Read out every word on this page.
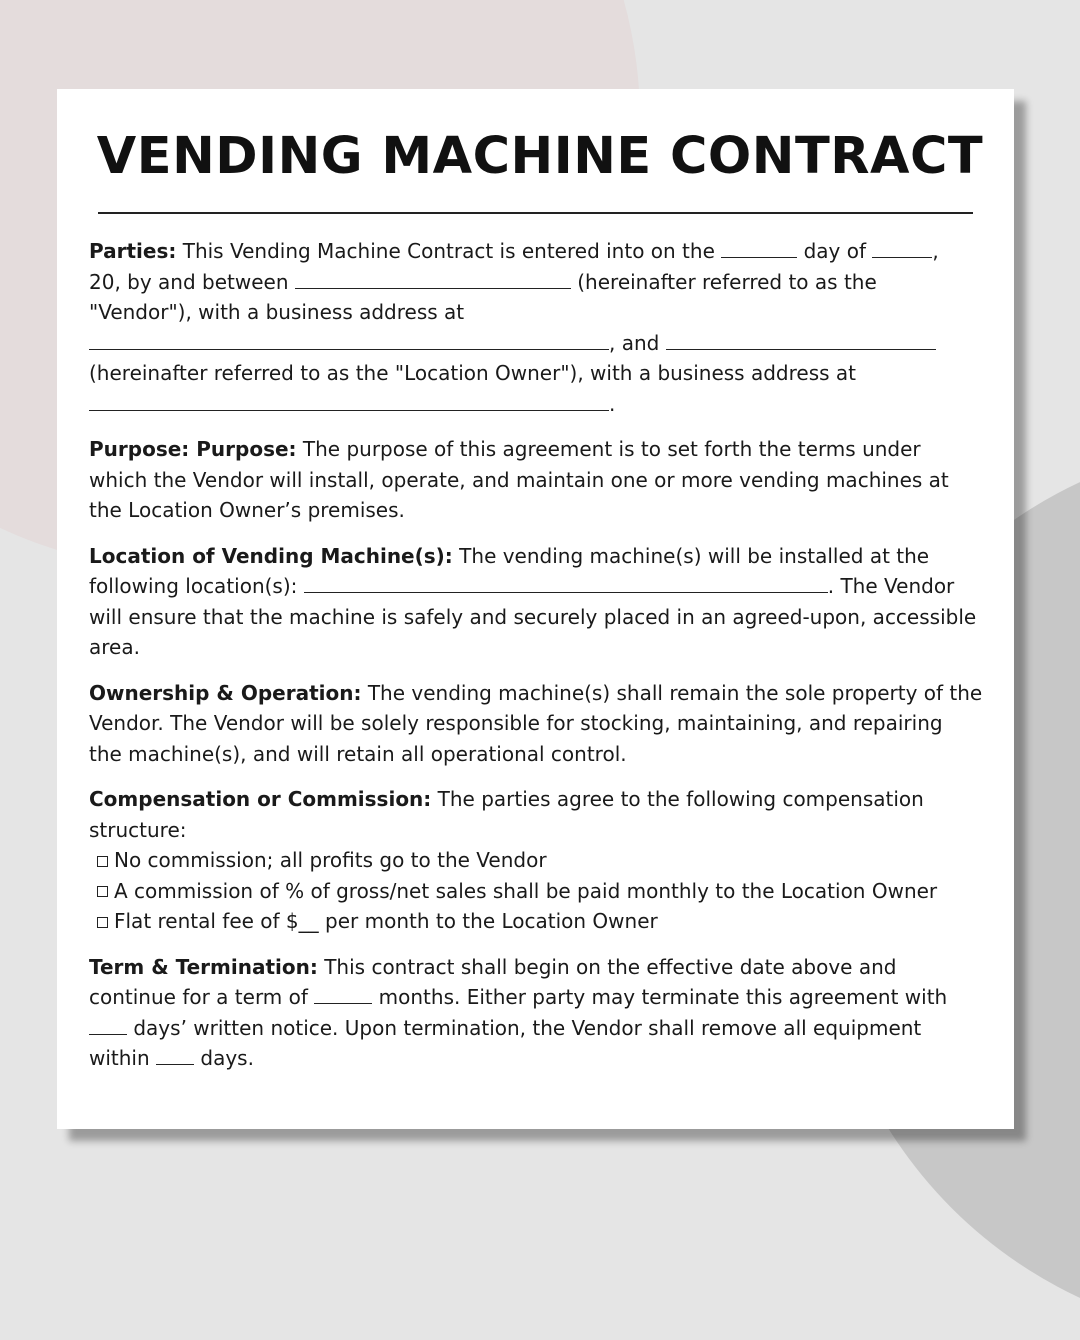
VENDING MACHINE CONTRACT
Parties: This Vending Machine Contract is entered into on the	day of	,
20, by and between	(hereinafter referred to as the
"Vendor"), with a business address at
, and
(hereinafter referred to as the "Location Owner"), with a business address at
.
Purpose: Purpose: The purpose of this agreement is to set forth the terms under
which the Vendor will install, operate, and maintain one or more vending machines at
the Location Owner’s premises.
Location of Vending Machine(s): The vending machine(s) will be installed at the
following location(s):	. The Vendor
will ensure that the machine is safely and securely placed in an agreed-upon, accessible
area.
Ownership & Operation: The vending machine(s) shall remain the sole property of the
Vendor. The Vendor will be solely responsible for stocking, maintaining, and repairing
the machine(s), and will retain all operational control.
Compensation or Commission: The parties agree to the following compensation
structure:
No commission; all profits go to the Vendor
A commission of % of gross/net sales shall be paid monthly to the Location Owner
Flat rental fee of $__ per month to the Location Owner
Term & Termination: This contract shall begin on the effective date above and
continue for a term of	months. Either party may terminate this agreement with
days’ written notice. Upon termination, the Vendor shall remove all equipment
within  days.
